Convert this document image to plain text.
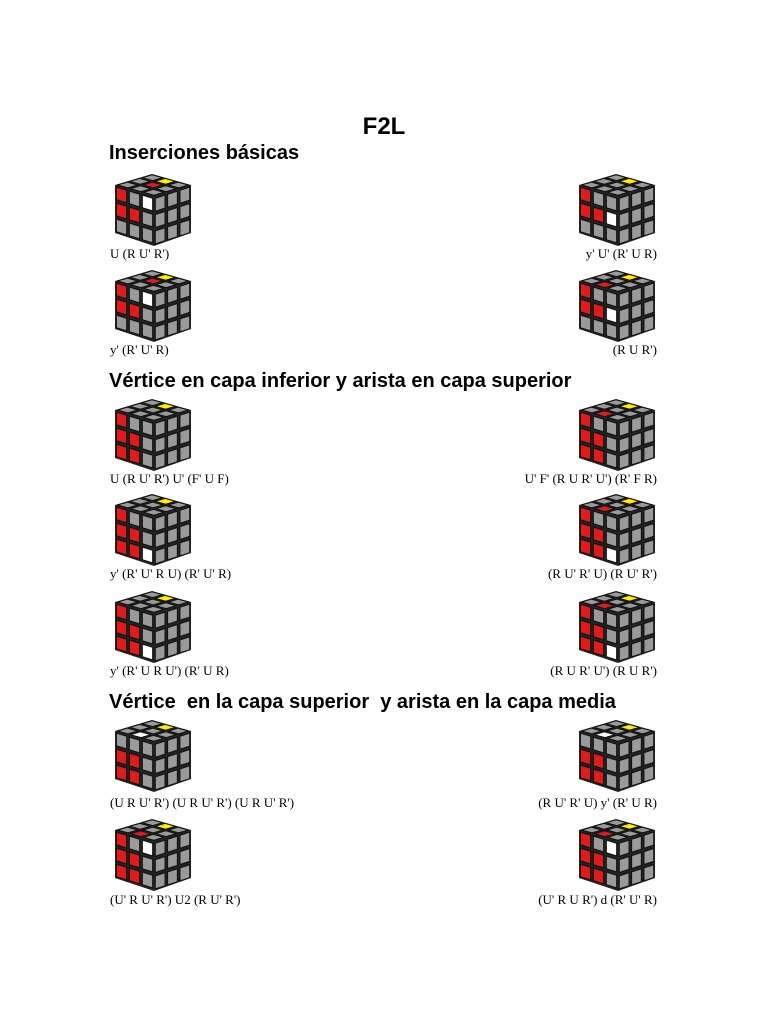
F2L
Inserciones básicas
U (R U' R')	y' U' (R' U R)
y' (R' U' R)	(R U R')
Vértice en capa inferior y arista en capa superior
U (R U' R') U' (F' U F)	U' F' (R U R' U') (R' F R)
y' (R' U' R U) (R' U' R)	(R U' R' U) (R U' R')
y' (R' U R U') (R' U R)	(R U R' U') (R U R')
Vértice  en la capa superior  y arista en la capa media
(U R U' R') (U R U' R') (U R U' R')	(R U' R' U) y' (R' U R)
(U' R U' R') U2 (R U' R')	(U' R U R') d (R' U' R)
